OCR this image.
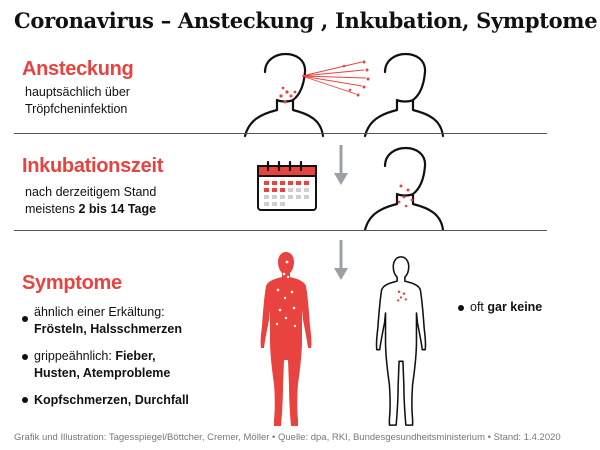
Coronavirus – Ansteckung , Inkubation, Symptome
Ansteckung
hauptsächlich über
Tröpfcheninfektion
Inkubationszeit
nach derzeitigem Stand
meistens 2 bis 14 Tage
Symptome
ähnlich einer Erkältung:
Frösteln, Halsschmerzen
grippeähnlich: Fieber,
Husten, Atemprobleme
Kopfschmerzen, Durchfall
oft gar keine
Grafik und Illustration: Tagesspiegel/Böttcher, Cremer, Möller • Quelle: dpa, RKI, Bundesgesundheitsministerium • Stand: 1.4.2020
